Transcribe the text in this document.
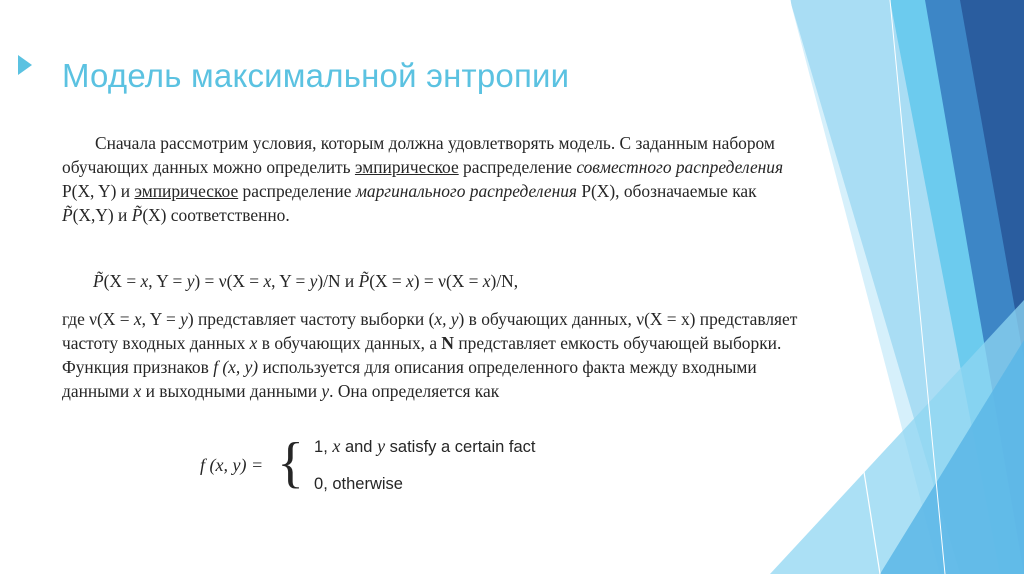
Модель максимальной энтропии
Сначала рассмотрим условия, которым должна удовлетворять модель. С заданным набором обучающих данных можно определить эмпирическое распределение совместного распределения P(X, Y) и эмпирическое распределение маргинального распределения P(X), обозначаемые как P̃(X,Y) и P̃(X) соответственно.
P̃(X = x, Y = y) = ν(X = x, Y = y)/N и P̃(X = x) = ν(X = x)/N,
где ν(X = x, Y = y) представляет частоту выборки (x, y) в обучающих данных, ν(X = x) представляет частоту входных данных x в обучающих данных, а N представляет емкость обучающей выборки. Функция признаков f (x, y) используется для описания определенного факта между входными данными x и выходными данными y. Она определяется как
f (x, y) = { 1, x and y satisfy a certain fact
0, otherwise
